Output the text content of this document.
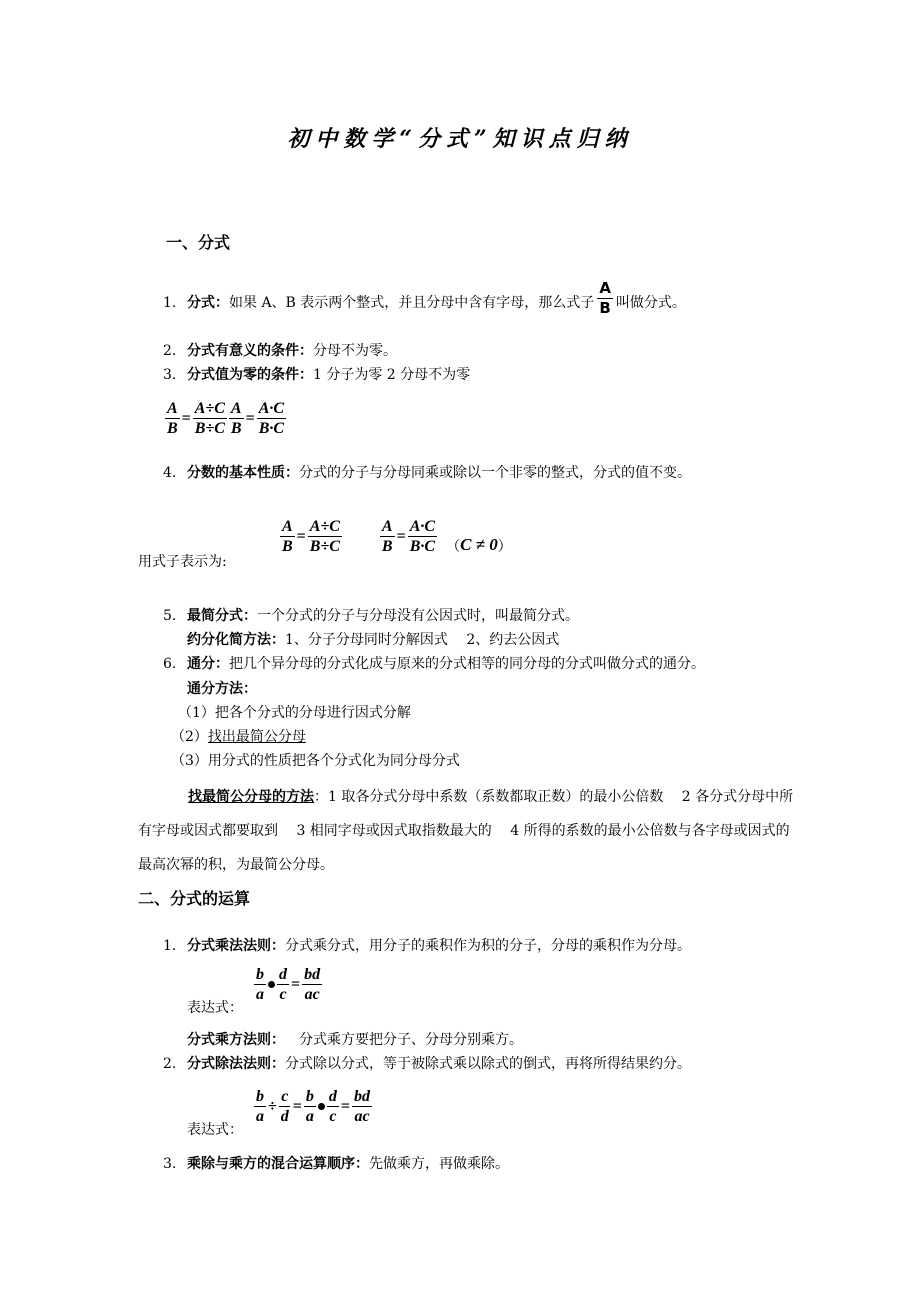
初中数学“分式”知识点归纳
一、分式
1. 分式： 如果 A、B 表示两个整式，并且分母中含有字母，那么式子 $\frac{A}{B}$ 叫做分式。
2. 分式有意义的条件：分母不为零。
3. 分式值为零的条件：1 分子为零 2 分母不为零
$\frac{A}{B} = \frac{A\div C}{B\div C} \frac{A}{B} = \frac{A\cdot C}{B\cdot C}$
4. 分数的基本性质：分式的分子与分母同乘或除以一个非零的整式，分式的值不变。
用式子表示为:
$\frac{A}{B} = \frac{A\div C}{B\div C} \frac{A}{B} = \frac{A\cdot C}{B\cdot C}$ （ C ≠ 0 ）
5. 最简分式：一个分式的分子与分母没有公因式时，叫最简分式。
约分化简方法：1、分子分母同时分解因式　 2、约去公因式
6. 通分：把几个异分母的分式化成与原来的分式相等的同分母的分式叫做分式的通分。
通分方法：
（1）把各个分式的分母进行因式分解
（2）找出最简公分母
（3）用分式的性质把各个分式化为同分母分式
找最简公分母的方法：1 取各分式分母中系数（系数都取正数）的最小公倍数　 2 各分式分母中所有字母或因式都要取到　 3 相同字母或因式取指数最大的　 4 所得的系数的最小公倍数与各字母或因式的最高次幂的积，为最简公分母。
二、分式的运算
1. 分式乘法法则：分式乘分式，用分子的乘积作为积的分子，分母的乘积作为分母。
表达式：
$\frac{b}{a} \frac{d}{c} = \frac{bd}{ac}$
分式乘方法则： 分式乘方要把分子、分母分别乘方。
2. 分式除法法则：分式除以分式，等于被除式乘以除式的倒式，再将所得结果约分。
表达式：
$\frac{b}{a} \div \frac{c}{d} = \frac{b}{a} \frac{d}{c} = \frac{bd}{ac}$
3. 乘除与乘方的混合运算顺序：先做乘方，再做乘除。
